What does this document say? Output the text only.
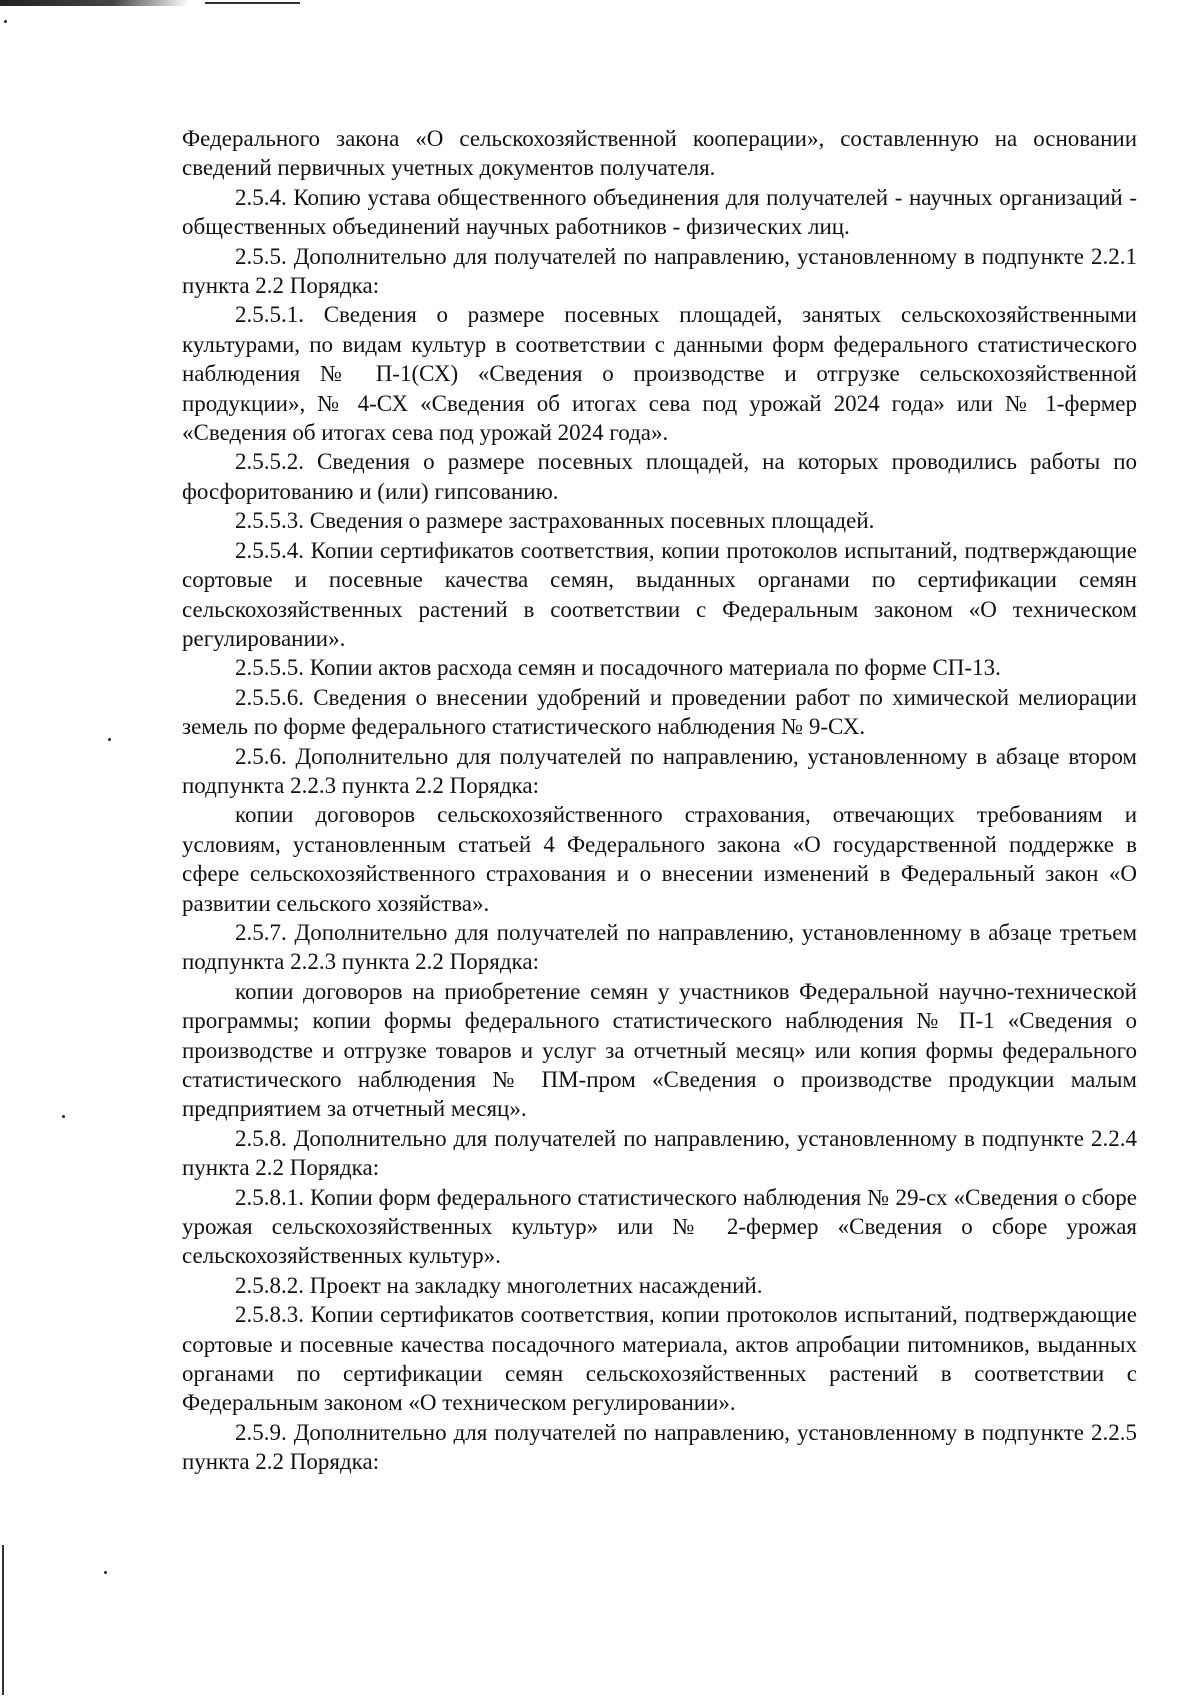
Федерального закона «О сельскохозяйственной кооперации», составленную на основании сведений первичных учетных документов получателя.

2.5.4. Копию устава общественного объединения для получателей - научных организаций - общественных объединений научных работников - физических лиц.

2.5.5. Дополнительно для получателей по направлению, установленному в подпункте 2.2.1 пункта 2.2 Порядка:

2.5.5.1. Сведения о размере посевных площадей, занятых сельскохозяйственными культурами, по видам культур в соответствии с данными форм федерального статистического наблюдения № П-1(СХ) «Сведения о производстве и отгрузке сельскохозяйственной продукции», № 4-СХ «Сведения об итогах сева под урожай 2024 года» или № 1-фермер «Сведения об итогах сева под урожай 2024 года».

2.5.5.2. Сведения о размере посевных площадей, на которых проводились работы по фосфоритованию и (или) гипсованию.

2.5.5.3. Сведения о размере застрахованных посевных площадей.

2.5.5.4. Копии сертификатов соответствия, копии протоколов испытаний, подтверждающие сортовые и посевные качества семян, выданных органами по сертификации семян сельскохозяйственных растений в соответствии с Федеральным законом «О техническом регулировании».

2.5.5.5. Копии актов расхода семян и посадочного материала по форме СП-13.

2.5.5.6. Сведения о внесении удобрений и проведении работ по химической мелиорации земель по форме федерального статистического наблюдения № 9-СХ.

2.5.6. Дополнительно для получателей по направлению, установленному в абзаце втором подпункта 2.2.3 пункта 2.2 Порядка:

копии договоров сельскохозяйственного страхования, отвечающих требованиям и условиям, установленным статьей 4 Федерального закона «О государственной поддержке в сфере сельскохозяйственного страхования и о внесении изменений в Федеральный закон «О развитии сельского хозяйства».

2.5.7. Дополнительно для получателей по направлению, установленному в абзаце третьем подпункта 2.2.3 пункта 2.2 Порядка:

копии договоров на приобретение семян у участников Федеральной научно-технической программы; копии формы федерального статистического наблюдения № П-1 «Сведения о производстве и отгрузке товаров и услуг за отчетный месяц» или копия формы федерального статистического наблюдения № ПМ-пром «Сведения о производстве продукции малым предприятием за отчетный месяц».

2.5.8. Дополнительно для получателей по направлению, установленному в подпункте 2.2.4 пункта 2.2 Порядка:

2.5.8.1. Копии форм федерального статистического наблюдения № 29-сх «Сведения о сборе урожая сельскохозяйственных культур» или № 2-фермер «Сведения о сборе урожая сельскохозяйственных культур».

2.5.8.2. Проект на закладку многолетних насаждений.

2.5.8.3. Копии сертификатов соответствия, копии протоколов испытаний, подтверждающие сортовые и посевные качества посадочного материала, актов апробации питомников, выданных органами по сертификации семян сельскохозяйственных растений в соответствии с Федеральным законом «О техническом регулировании».

2.5.9. Дополнительно для получателей по направлению, установленному в подпункте 2.2.5 пункта 2.2 Порядка:
